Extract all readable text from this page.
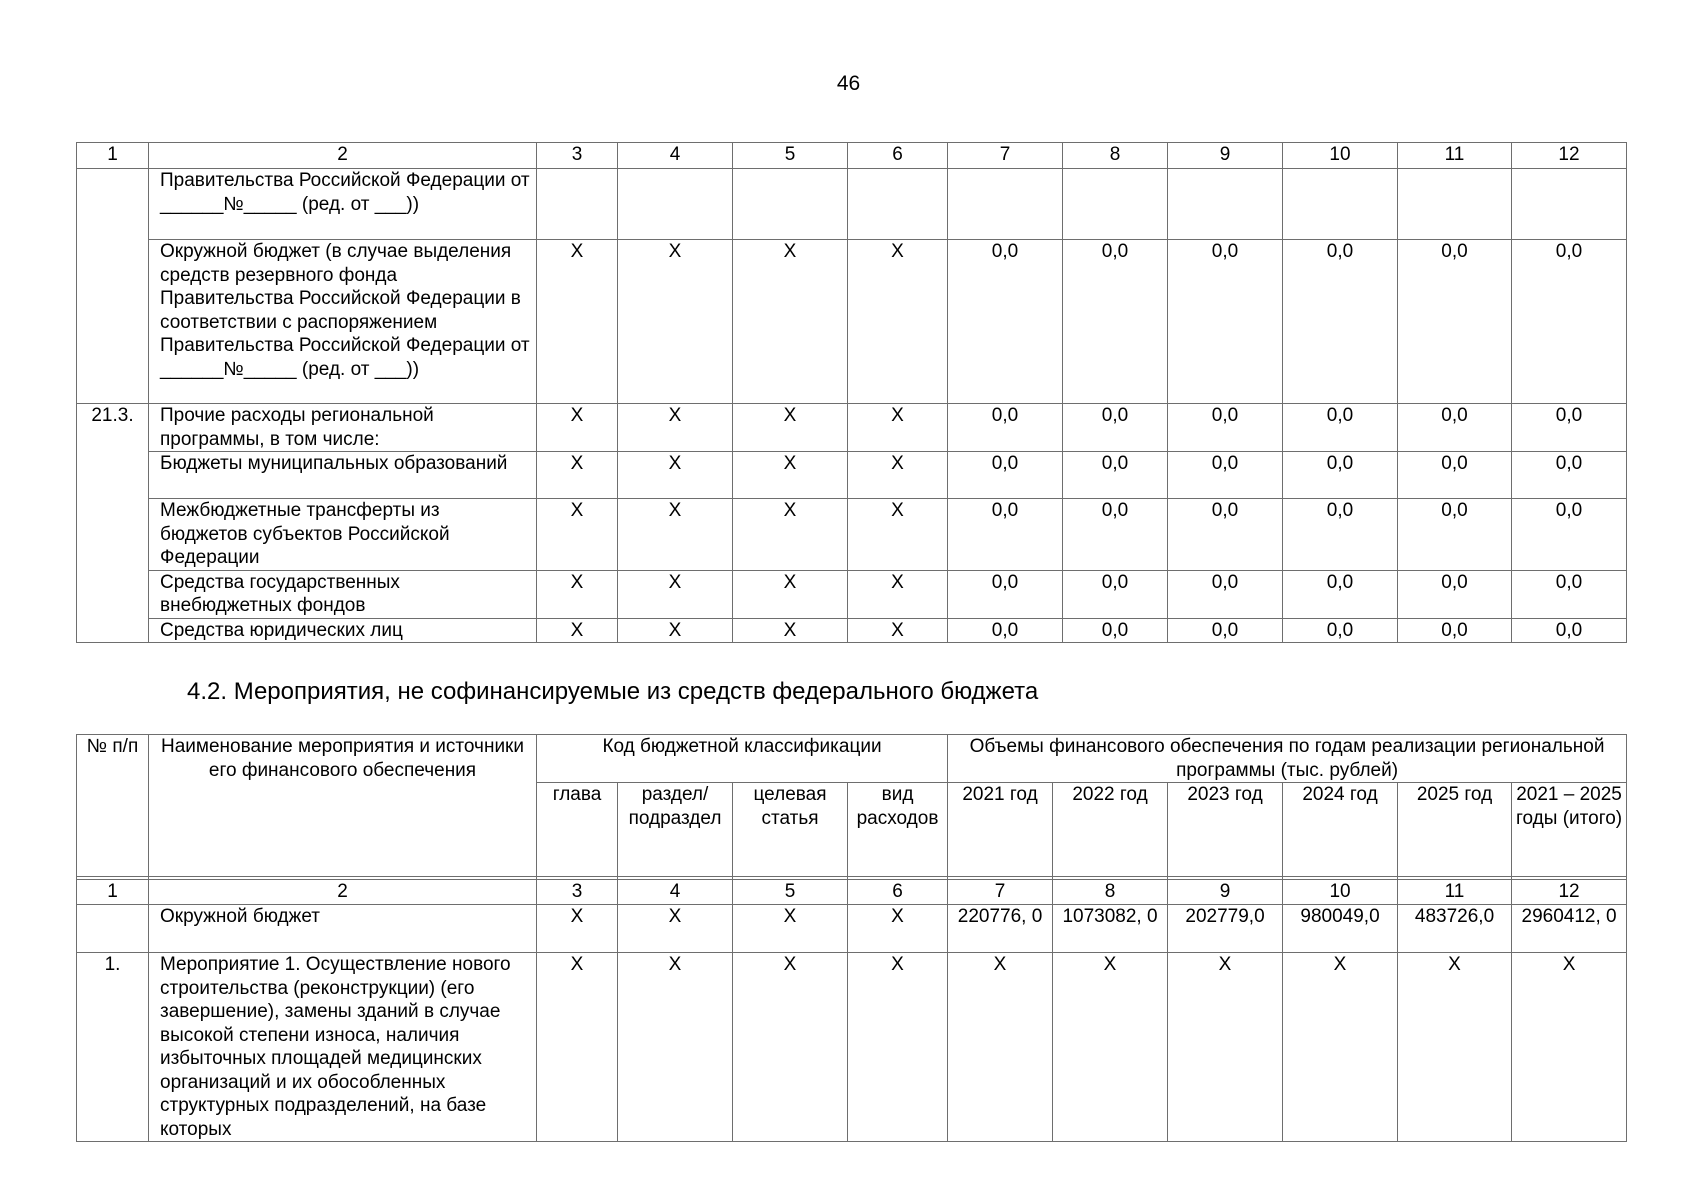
46
1	2	3	4	5	6	7	8	9	10	11	12
	Правительства Российской Федерации от ______№_____ (ред. от ___))										
	Окружной бюджет (в случае выделения средств резервного фонда Правительства Российской Федерации в соответствии с распоряжением Правительства Российской Федерации от ______№_____ (ред. от ___))	X	X	X	X	0,0	0,0	0,0	0,0	0,0	0,0
21.3.	Прочие расходы региональной программы, в том числе:	X	X	X	X	0,0	0,0	0,0	0,0	0,0	0,0
	Бюджеты муниципальных образований	X	X	X	X	0,0	0,0	0,0	0,0	0,0	0,0
	Межбюджетные трансферты из бюджетов субъектов Российской Федерации	X	X	X	X	0,0	0,0	0,0	0,0	0,0	0,0
	Средства государственных внебюджетных фондов	X	X	X	X	0,0	0,0	0,0	0,0	0,0	0,0
	Средства юридических лиц	X	X	X	X	0,0	0,0	0,0	0,0	0,0	0,0
4.2. Мероприятия, не софинансируемые из средств федерального бюджета
№ п/п	Наименование мероприятия и источники его финансового обеспечения	Код бюджетной классификации				Объемы финансового обеспечения по годам реализации региональной программы (тыс. рублей)					
		глава	раздел/ подраздел	целевая статья	вид расходов	2021 год	2022 год	2023 год	2024 год	2025 год	2021 – 2025 годы (итого)

1	2	3	4	5	6	7	8	9	10	11	12
	Окружной бюджет	X	X	X	X	220776, 0	1073082, 0	202779,0	980049,0	483726,0	2960412, 0
1.	Мероприятие 1. Осуществление нового строительства (реконструкции) (его завершение), замены зданий в случае высокой степени износа, наличия избыточных площадей медицинских организаций и их обособленных структурных подразделений, на базе которых	X	X	X	X	X	X	X	X	X	X
